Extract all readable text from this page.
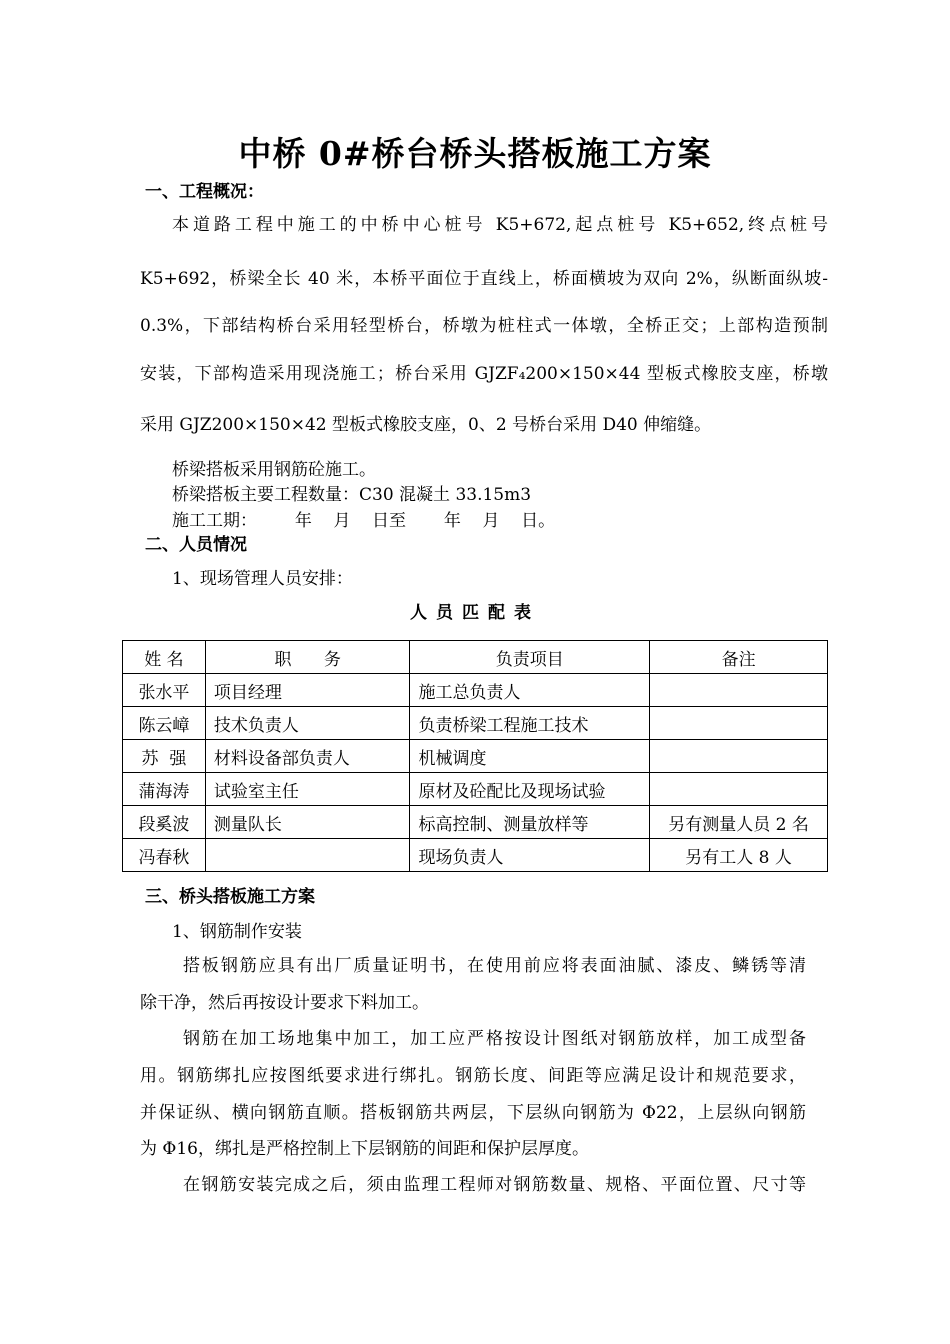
中桥 0#桥台桥头搭板施工方案
一、工程概况：
本道路工程中施工的中桥中心桩号 K5+672,起点桩号 K5+652,终点桩号
K5+692，桥梁全长 40 米，本桥平面位于直线上，桥面横坡为双向 2%，纵断面纵坡-
0.3%，下部结构桥台采用轻型桥台，桥墩为桩柱式一体墩，全桥正交；上部构造预制
安装，下部构造采用现浇施工；桥台采用 GJZF₄200×150×44 型板式橡胶支座，桥墩
采用 GJZ200×150×42 型板式橡胶支座，0、2 号桥台采用 D40 伸缩缝。
桥梁搭板采用钢筋砼施工。
桥梁搭板主要工程数量：C30 混凝土 33.15m3
施工工期：       年    月    日至       年    月    日。
二、人员情况
1、现场管理人员安排：
人员匹配表
姓 名	职      务	负责项目	备注
张水平	项目经理	施工总负责人	
陈云嶂	技术负责人	负责桥梁工程施工技术	
苏  强	材料设备部负责人	机械调度	
蒲海涛	试验室主任	原材及砼配比及现场试验	
段奚波	测量队长	标高控制、测量放样等	另有测量人员 2 名
冯春秋		现场负责人	另有工人 8 人
三、桥头搭板施工方案
1、钢筋制作安装
搭板钢筋应具有出厂质量证明书，在使用前应将表面油腻、漆皮、鳞锈等清
除干净，然后再按设计要求下料加工。
钢筋在加工场地集中加工，加工应严格按设计图纸对钢筋放样，加工成型备
用。钢筋绑扎应按图纸要求进行绑扎。钢筋长度、间距等应满足设计和规范要求，
并保证纵、横向钢筋直顺。搭板钢筋共两层，下层纵向钢筋为 Φ22，上层纵向钢筋
为 Φ16，绑扎是严格控制上下层钢筋的间距和保护层厚度。
在钢筋安装完成之后，须由监理工程师对钢筋数量、规格、平面位置、尺寸等
